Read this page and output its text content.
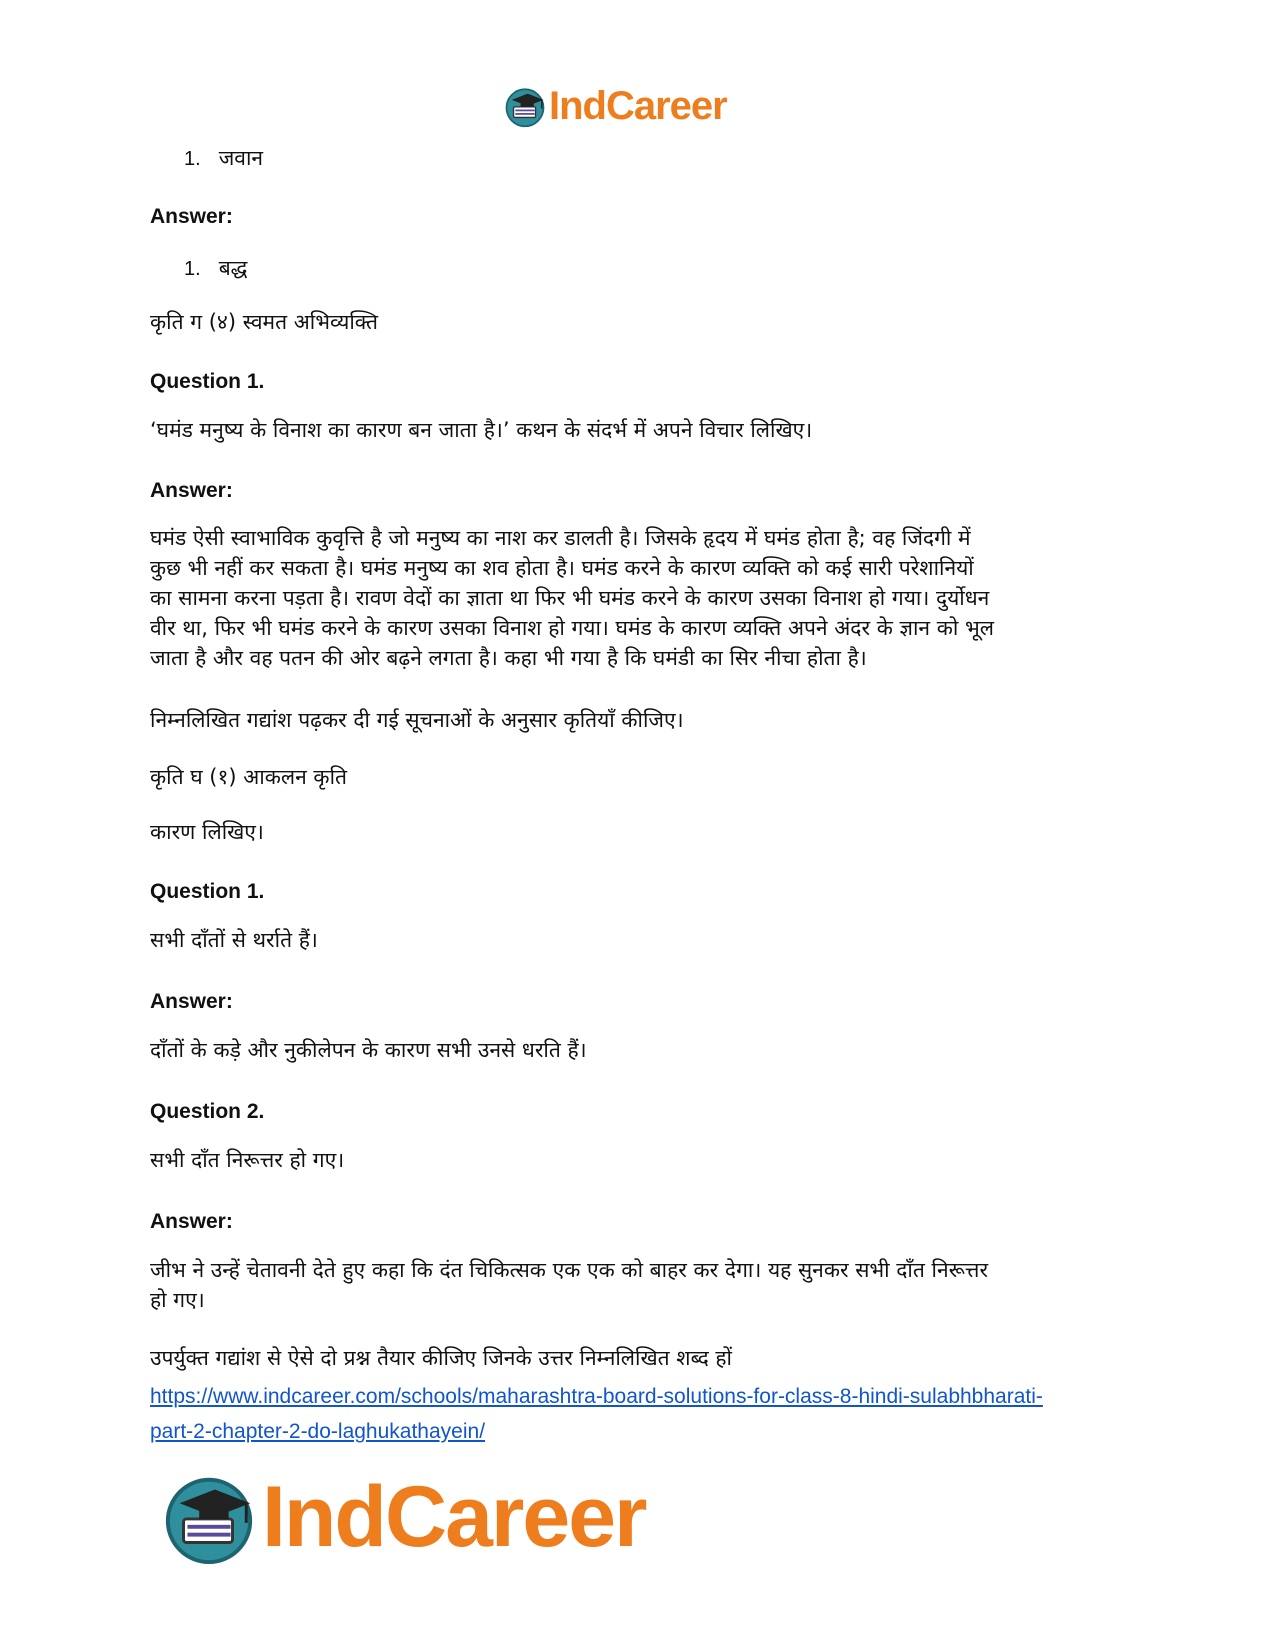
IndCareer
1. जवान
Answer:
1. बद्ध
कृति ग (४) स्वमत अभिव्यक्ति
Question 1.
‘घमंड मनुष्य के विनाश का कारण बन जाता है।’ कथन के संदर्भ में अपने विचार लिखिए।
Answer:
घमंड ऐसी स्वाभाविक कुवृत्ति है जो मनुष्य का नाश कर डालती है। जिसके हृदय में घमंड होता है; वह जिंदगी में
कुछ भी नहीं कर सकता है। घमंड मनुष्य का शव होता है। घमंड करने के कारण व्यक्ति को कई सारी परेशानियों
का सामना करना पड़ता है। रावण वेदों का ज्ञाता था फिर भी घमंड करने के कारण उसका विनाश हो गया। दुर्योधन
वीर था, फिर भी घमंड करने के कारण उसका विनाश हो गया। घमंड के कारण व्यक्ति अपने अंदर के ज्ञान को भूल
जाता है और वह पतन की ओर बढ़ने लगता है। कहा भी गया है कि घमंडी का सिर नीचा होता है।
निम्नलिखित गद्यांश पढ़कर दी गई सूचनाओं के अनुसार कृतियाँ कीजिए।
कृति घ (१) आकलन कृति
कारण लिखिए।
Question 1.
सभी दाँतों से थर्राते हैं।
Answer:
दाँतों के कड़े और नुकीलेपन के कारण सभी उनसे धरति हैं।
Question 2.
सभी दाँत निरूत्तर हो गए।
Answer:
जीभ ने उन्हें चेतावनी देते हुए कहा कि दंत चिकित्सक एक एक को बाहर कर देगा। यह सुनकर सभी दाँत निरूत्तर
हो गए।
उपर्युक्त गद्यांश से ऐसे दो प्रश्न तैयार कीजिए जिनके उत्तर निम्नलिखित शब्द हों
https://www.indcareer.com/schools/maharashtra-board-solutions-for-class-8-hindi-sulabhbharati-
part-2-chapter-2-do-laghukathayein/
IndCareer
